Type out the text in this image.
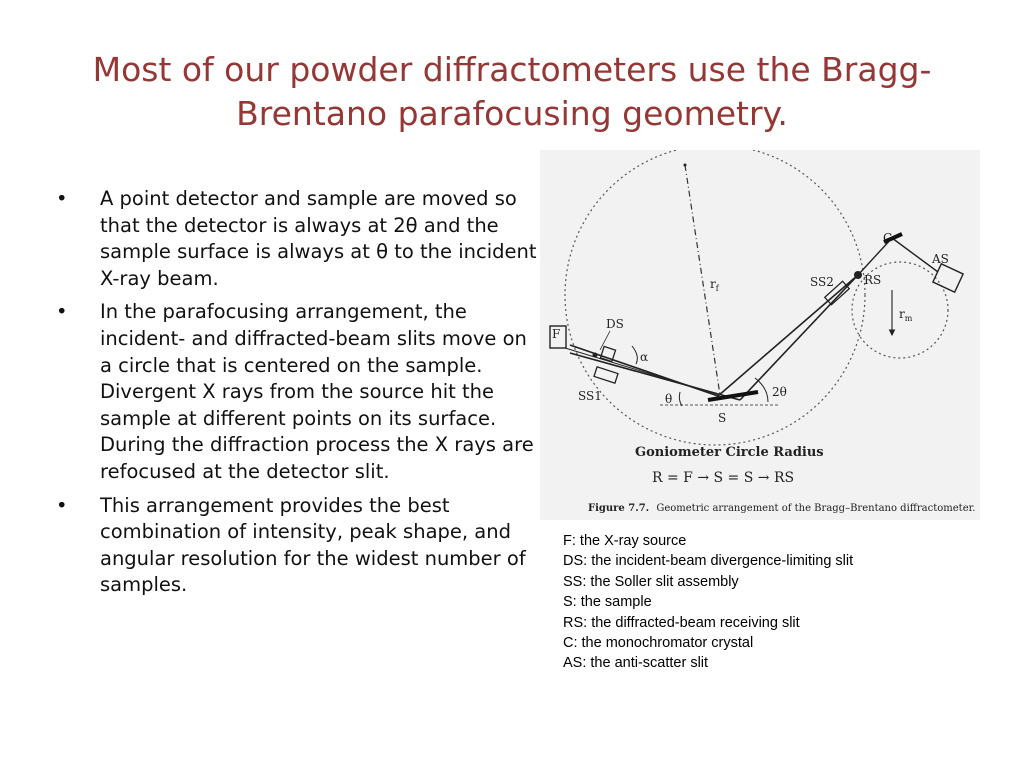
Most of our powder diffractometers use the Bragg-Brentano parafocusing geometry.
• A point detector and sample are moved so that the detector is always at 2θ and the sample surface is always at θ to the incident X-ray beam.
• In the parafocusing arrangement, the incident- and diffracted-beam slits move on a circle that is centered on the sample. Divergent X rays from the source hit the sample at different points on its surface. During the diffraction process the X rays are refocused at the detector slit.
• This arrangement provides the best combination of intensity, peak shape, and angular resolution for the widest number of samples.
F
DS
SS1
S
SS2	RS
C
AS
$r_f$
$r_m$
α
θ	2θ
Goniometer Circle Radius
R = F → S = S → RS
Figure 7.7. Geometric arrangement of the Bragg–Brentano diffractometer.
F: the X-ray source
DS: the incident-beam divergence-limiting slit
SS: the Soller slit assembly
S: the sample
RS: the diffracted-beam receiving slit
C: the monochromator crystal
AS: the anti-scatter slit
